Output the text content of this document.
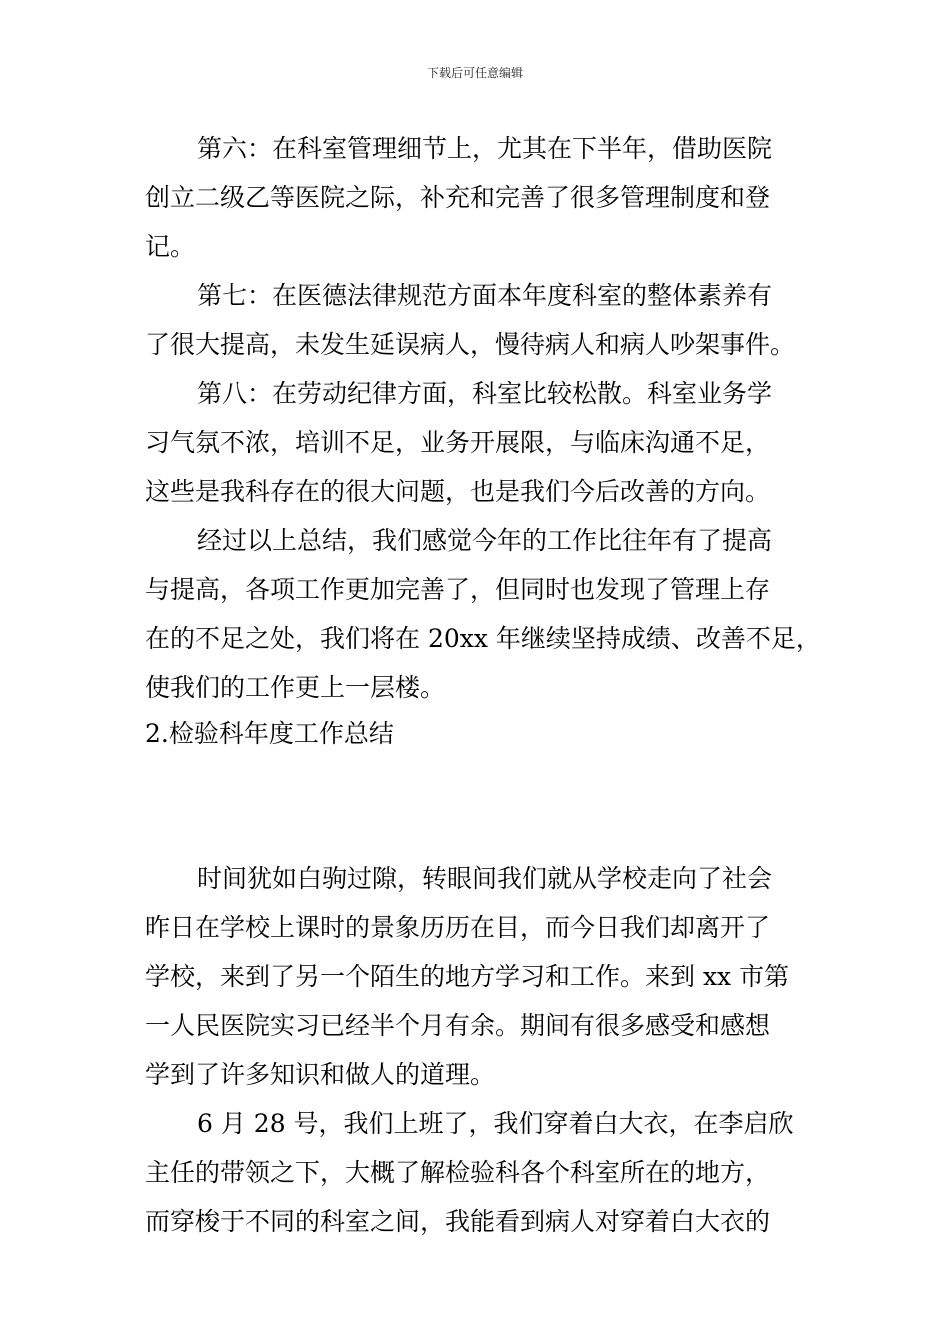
下载后可任意编辑
第六：在科室管理细节上，尤其在下半年，借助医院
创立二级乙等医院之际，补充和完善了很多管理制度和登
记。
第七：在医德法律规范方面本年度科室的整体素养有
了很大提高，未发生延误病人，慢待病人和病人吵架事件。
第八：在劳动纪律方面，科室比较松散。科室业务学
习气氛不浓，培训不足，业务开展限，与临床沟通不足，
这些是我科存在的很大问题，也是我们今后改善的方向。
经过以上总结，我们感觉今年的工作比往年有了提高
与提高，各项工作更加完善了，但同时也发现了管理上存
在的不足之处，我们将在 20xx 年继续坚持成绩、改善不足，
使我们的工作更上一层楼。
2.检验科年度工作总结
时间犹如白驹过隙，转眼间我们就从学校走向了社会
昨日在学校上课时的景象历历在目，而今日我们却离开了
学校，来到了另一个陌生的地方学习和工作。来到 xx 市第
一人民医院实习已经半个月有余。期间有很多感受和感想
学到了许多知识和做人的道理。
6 月 28 号，我们上班了，我们穿着白大衣，在李启欣
主任的带领之下，大概了解检验科各个科室所在的地方，
而穿梭于不同的科室之间，我能看到病人对穿着白大衣的
